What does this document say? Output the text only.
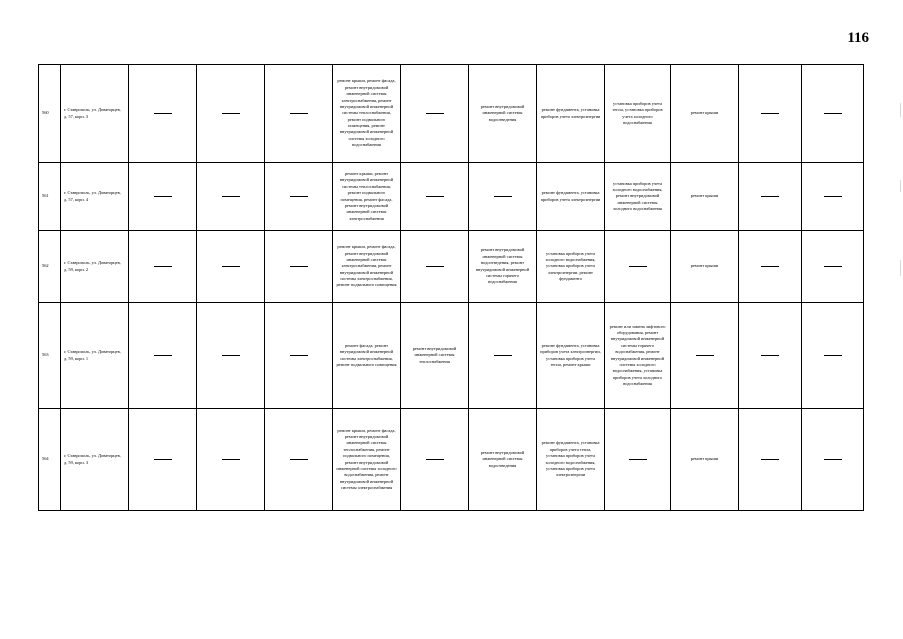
116
560	г. Ставрополь, ул. Доваторцев, д. 57, корп. 3				ремонт крыши, ремонт фасада, ремонт внутридомовой инженерной системы электроснабжения, ремонт внутридомовой инженерной системы теплоснабжения, ремонт подвального помещения, ремонт внутридомовой инженерной системы холодного водоснабжения		ремонт внутридомовой инженерной системы водоотведения	ремонт фундамента, установка приборов учета электроэнергии	установка приборов учета тепла, установка приборов учета холодного водоснабжения	ремонт крыши		
561	г. Ставрополь, ул. Доваторцев, д. 57, корп. 4				ремонт крыши, ремонт внутридомовой инженерной системы теплоснабжения, ремонт подвального помещения, ремонт фасада, ремонт внутридомовой инженерной системы электроснабжения			ремонт фундамента, установка приборов учета электроэнергии	установка приборов учета холодного водоснабжения, ремонт внутридомовой инженерной системы холодного водоснабжения	ремонт крыши		
562	г. Ставрополь, ул. Доваторцев, д. 59, корп. 2				ремонт крыши, ремонт фасада, ремонт внутридомовой инженерной системы электроснабжения, ремонт внутридомовой инженерной системы электроснабжения, ремонт подвального помещения		ремонт внутридомовой инженерной системы водоотведения, ремонт внутридомовой инженерной системы горячего водоснабжения	установка приборов учета холодного водоснабжения, установка приборов учета электроэнергии, ремонт фундамента		ремонт крыши		
563	г. Ставрополь, ул. Доваторцев, д. 59, корп. 1				ремонт фасада, ремонт внутридомовой инженерной системы электроснабжения, ремонт подвального помещения	ремонт внутридомовой инженерной системы теплоснабжения		ремонт фундамента, установка приборов учета электроэнергии, установка приборов учета тепла, ремонт крыши	ремонт или замена лифтового оборудования, ремонт внутридомовой инженерной системы горячего водоснабжения, ремонт внутридомовой инженерной системы холодного водоснабжения, установка приборов учета холодного водоснабжения			
564	г. Ставрополь, ул. Доваторцев, д. 59, корп. 3				ремонт крыши, ремонт фасада, ремонт внутридомовой инженерной системы теплоснабжения, ремонт подвального помещения, ремонт внутридомовой инженерной системы холодного водоснабжения, ремонт внутридомовой инженерной системы электроснабжения		ремонт внутридомовой инженерной системы водоотведения	ремонт фундамента, установка приборов учета тепла, установка приборов учета холодного водоснабжения, установка приборов учета электроэнергии		ремонт крыши		
